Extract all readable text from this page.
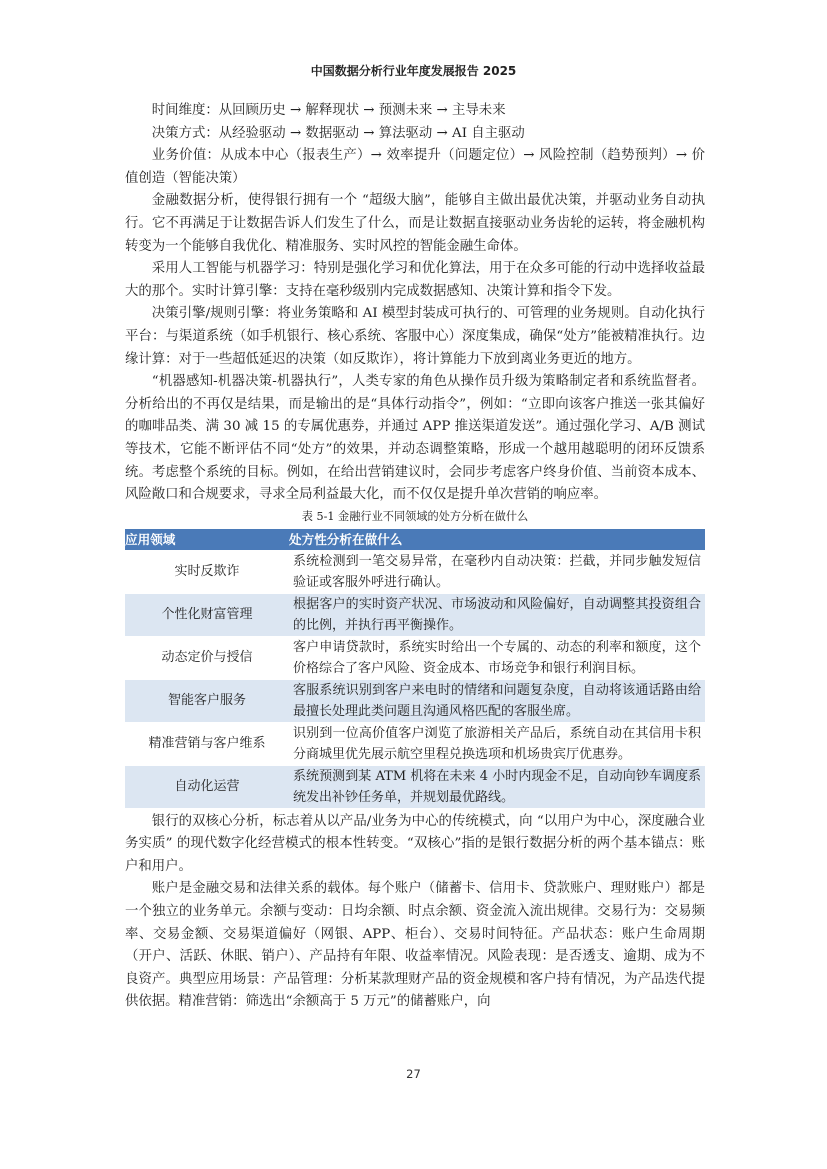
中国数据分析行业年度发展报告 2025

时间维度：从回顾历史 → 解释现状 → 预测未来 → 主导未来

决策方式：从经验驱动 → 数据驱动 → 算法驱动 → AI 自主驱动

业务价值：从成本中心（报表生产）→ 效率提升（问题定位）→ 风险控制（趋势预判）→ 价值创造（智能决策）

金融数据分析，使得银行拥有一个 “超级大脑”，能够自主做出最优决策，并驱动业务自动执行。它不再满足于让数据告诉人们发生了什么，而是让数据直接驱动业务齿轮的运转，将金融机构转变为一个能够自我优化、精准服务、实时风控的智能金融生命体。

采用人工智能与机器学习：特别是强化学习和优化算法，用于在众多可能的行动中选择收益最大的那个。实时计算引擎：支持在毫秒级别内完成数据感知、决策计算和指令下发。

决策引擎/规则引擎：将业务策略和 AI 模型封装成可执行的、可管理的业务规则。自动化执行平台：与渠道系统（如手机银行、核心系统、客服中心）深度集成，确保“处方”能被精准执行。边缘计算：对于一些超低延迟的决策（如反欺诈），将计算能力下放到离业务更近的地方。

“机器感知-机器决策-机器执行”，人类专家的角色从操作员升级为策略制定者和系统监督者。分析给出的不再仅是结果，而是输出的是“具体行动指令”，例如：“立即向该客户推送一张其偏好的咖啡品类、满 30 减 15 的专属优惠券，并通过 APP 推送渠道发送”。通过强化学习、A/B 测试等技术，它能不断评估不同“处方”的效果，并动态调整策略，形成一个越用越聪明的闭环反馈系统。考虑整个系统的目标。例如，在给出营销建议时，会同步考虑客户终身价值、当前资本成本、风险敞口和合规要求，寻求全局利益最大化，而不仅仅是提升单次营销的响应率。

表 5-1 金融行业不同领域的处方分析在做什么
应用领域	处方性分析在做什么
实时反欺诈	系统检测到一笔交易异常，在毫秒内自动决策：拦截，并同步触发短信验证或客服外呼进行确认。
个性化财富管理	根据客户的实时资产状况、市场波动和风险偏好，自动调整其投资组合的比例，并执行再平衡操作。
动态定价与授信	客户申请贷款时，系统实时给出一个专属的、动态的利率和额度，这个价格综合了客户风险、资金成本、市场竞争和银行利润目标。
智能客户服务	客服系统识别到客户来电时的情绪和问题复杂度，自动将该通话路由给最擅长处理此类问题且沟通风格匹配的客服坐席。
精准营销与客户维系	识别到一位高价值客户浏览了旅游相关产品后，系统自动在其信用卡积分商城里优先展示航空里程兑换选项和机场贵宾厅优惠券。
自动化运营	系统预测到某 ATM 机将在未来 4 小时内现金不足，自动向钞车调度系统发出补钞任务单，并规划最优路线。

银行的双核心分析，标志着从以产品/业务为中心的传统模式，向 “以用户为中心，深度融合业务实质” 的现代数字化经营模式的根本性转变。“双核心”指的是银行数据分析的两个基本锚点：账户和用户。

账户是金融交易和法律关系的载体。每个账户（储蓄卡、信用卡、贷款账户、理财账户）都是一个独立的业务单元。余额与变动：日均余额、时点余额、资金流入流出规律。交易行为：交易频率、交易金额、交易渠道偏好（网银、APP、柜台）、交易时间特征。产品状态：账户生命周期（开户、活跃、休眠、销户）、产品持有年限、收益率情况。风险表现：是否透支、逾期、成为不良资产。典型应用场景：产品管理：分析某款理财产品的资金规模和客户持有情况，为产品迭代提供依据。精准营销：筛选出“余额高于 5 万元”的储蓄账户，向

27
